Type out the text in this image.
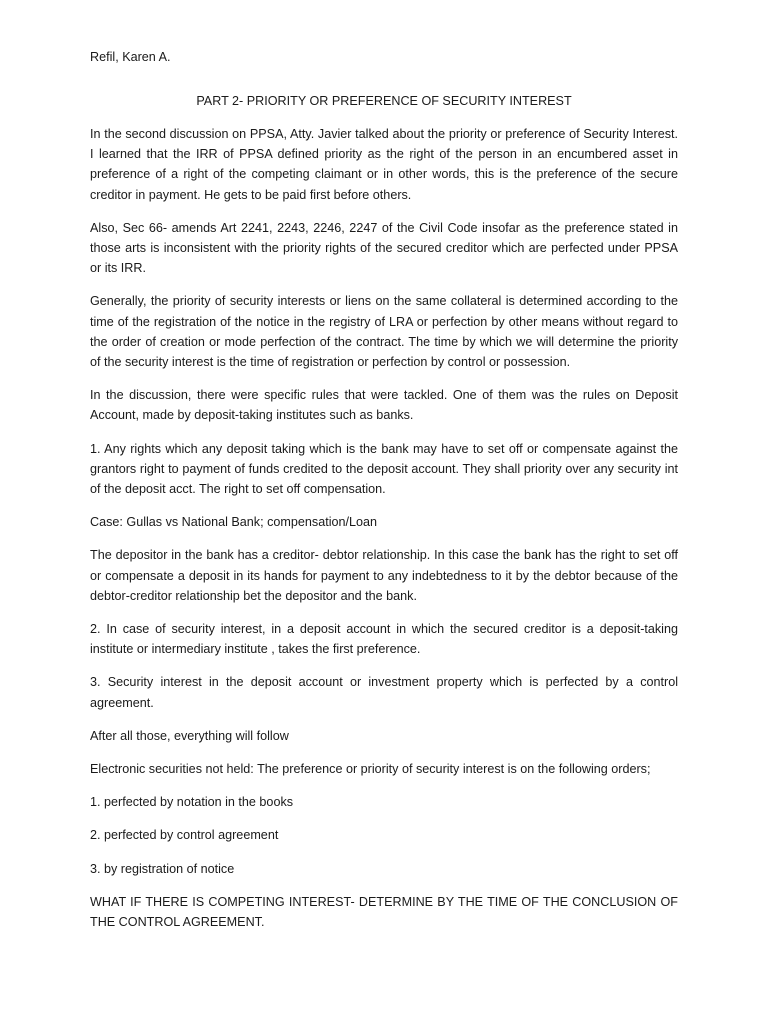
Refil, Karen A.

PART 2- PRIORITY OR PREFERENCE OF SECURITY INTEREST

In the second discussion on PPSA, Atty. Javier talked about the priority or preference of Security Interest. I learned that the IRR of PPSA defined priority as the right of the person in an encumbered asset in preference of a right of the competing claimant or in other words, this is the preference of the secure creditor in payment. He gets to be paid first before others.

Also, Sec 66- amends Art 2241, 2243, 2246, 2247 of the Civil Code insofar as the preference stated in those arts is inconsistent with the priority rights of the secured creditor which are perfected under PPSA or its IRR.

Generally, the priority of security interests or liens on the same collateral is determined according to the time of the registration of the notice in the registry of LRA or perfection by other means without regard to the order of creation or mode perfection of the contract. The time by which we will determine the priority of the security interest is the time of registration or perfection by control or possession.

In the discussion, there were specific rules that were tackled. One of them was the rules on Deposit Account, made by deposit-taking institutes such as banks.

1. Any rights which any deposit taking which is the bank may have to set off or compensate against the grantors right to payment of funds credited to the deposit account. They shall priority over any security int of the deposit acct. The right to set off compensation.

Case: Gullas vs National Bank; compensation/Loan

The depositor in the bank has a creditor- debtor relationship. In this case the bank has the right to set off or compensate a deposit in its hands for payment to any indebtedness to it by the debtor because of the debtor-creditor relationship bet the depositor and the bank.

2. In case of security interest, in a deposit account in which the secured creditor is a deposit-taking institute or intermediary institute , takes the first preference.

3. Security interest in the deposit account or investment property which is perfected by a control agreement.

After all those, everything will follow

Electronic securities not held: The preference or priority of security interest is on the following orders;

1. perfected by notation in the books

2. perfected by control agreement

3. by registration of notice

WHAT IF THERE IS COMPETING INTEREST- DETERMINE BY THE TIME OF THE CONCLUSION OF THE CONTROL AGREEMENT.
